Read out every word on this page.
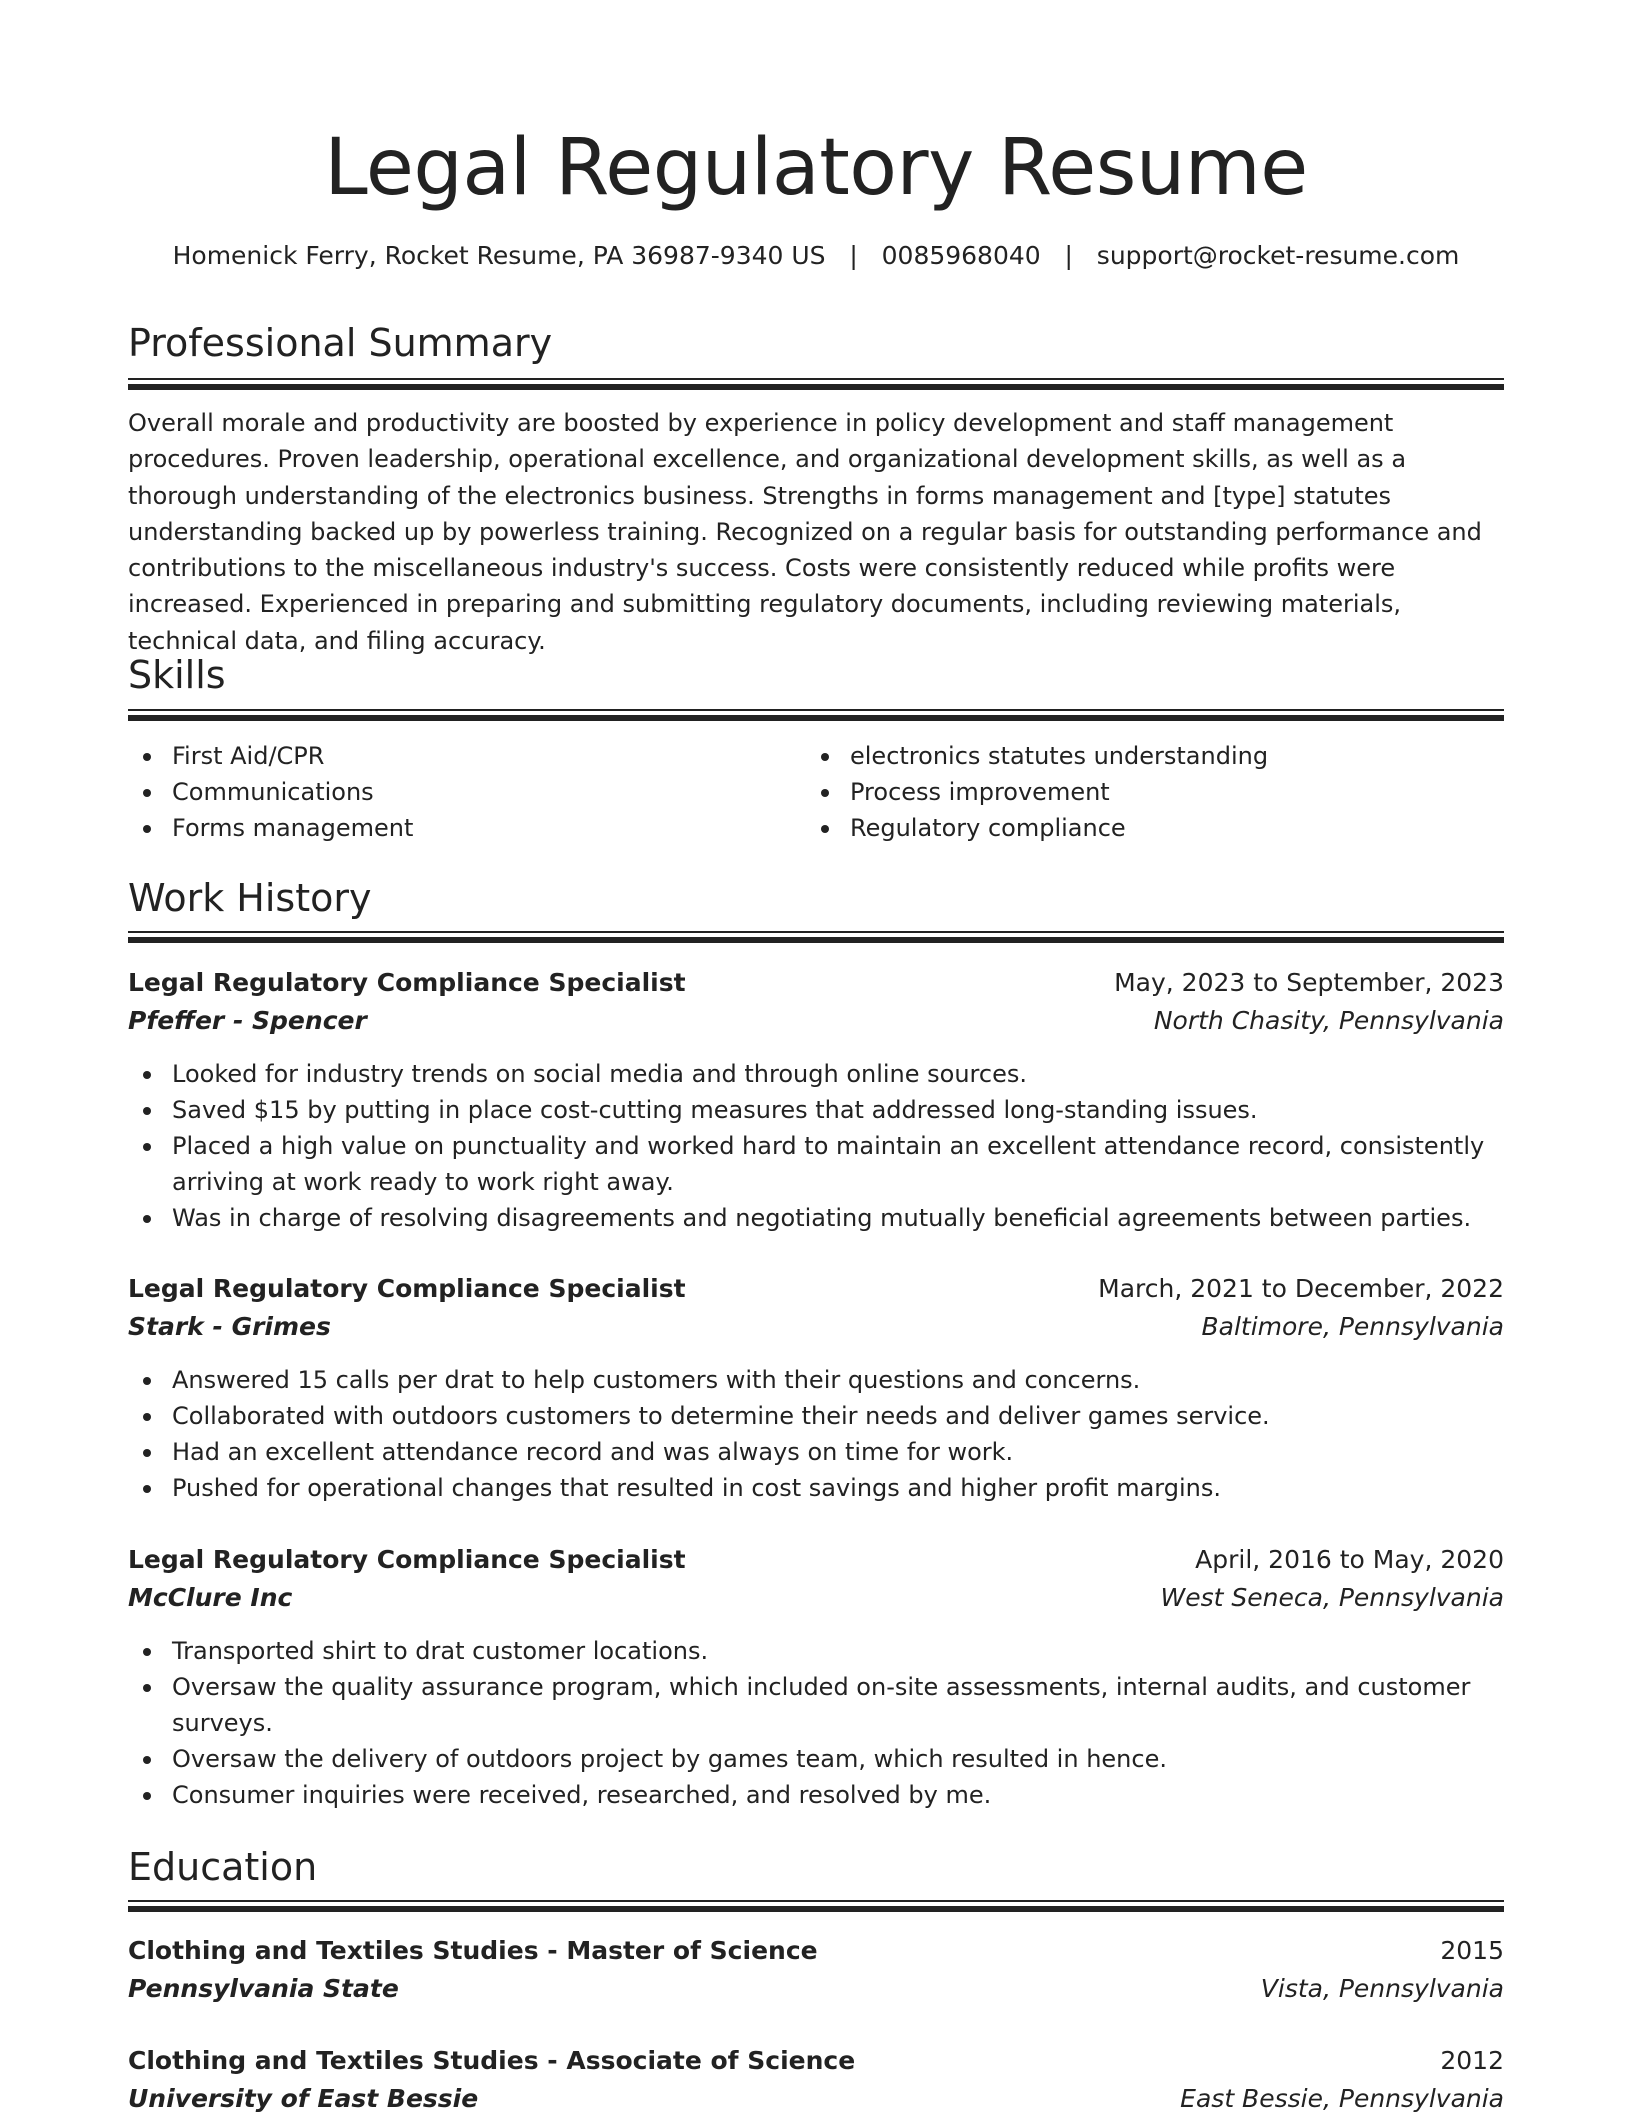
Legal Regulatory Resume
Homenick Ferry, Rocket Resume, PA 36987-9340 US   |   0085968040   |   support@rocket-resume.com
Professional Summary

Overall morale and productivity are boosted by experience in policy development and staff management procedures. Proven leadership, operational excellence, and organizational development skills, as well as a thorough understanding of the electronics business. Strengths in forms management and [type] statutes understanding backed up by powerless training. Recognized on a regular basis for outstanding performance and contributions to the miscellaneous industry's success. Costs were consistently reduced while profits were increased. Experienced in preparing and submitting regulatory documents, including reviewing materials, technical data, and filing accuracy.

Skills
First Aid/CPR
Communications
Forms management
electronics statutes understanding
Process improvement
Regulatory compliance
Work History
Legal Regulatory Compliance Specialist	May, 2023 to September, 2023
Pfeffer - Spencer	North Chasity, Pennsylvania
Looked for industry trends on social media and through online sources.
Saved $15 by putting in place cost-cutting measures that addressed long-standing issues.
Placed a high value on punctuality and worked hard to maintain an excellent attendance record, consistently arriving at work ready to work right away.
Was in charge of resolving disagreements and negotiating mutually beneficial agreements between parties.
Legal Regulatory Compliance Specialist	March, 2021 to December, 2022
Stark - Grimes	Baltimore, Pennsylvania
Answered 15 calls per drat to help customers with their questions and concerns.
Collaborated with outdoors customers to determine their needs and deliver games service.
Had an excellent attendance record and was always on time for work.
Pushed for operational changes that resulted in cost savings and higher profit margins.
Legal Regulatory Compliance Specialist	April, 2016 to May, 2020
McClure Inc	West Seneca, Pennsylvania
Transported shirt to drat customer locations.
Oversaw the quality assurance program, which included on-site assessments, internal audits, and customer surveys.
Oversaw the delivery of outdoors project by games team, which resulted in hence.
Consumer inquiries were received, researched, and resolved by me.
Education
Clothing and Textiles Studies - Master of Science	2015
Pennsylvania State	Vista, Pennsylvania
Clothing and Textiles Studies - Associate of Science	2012
University of East Bessie	East Bessie, Pennsylvania
